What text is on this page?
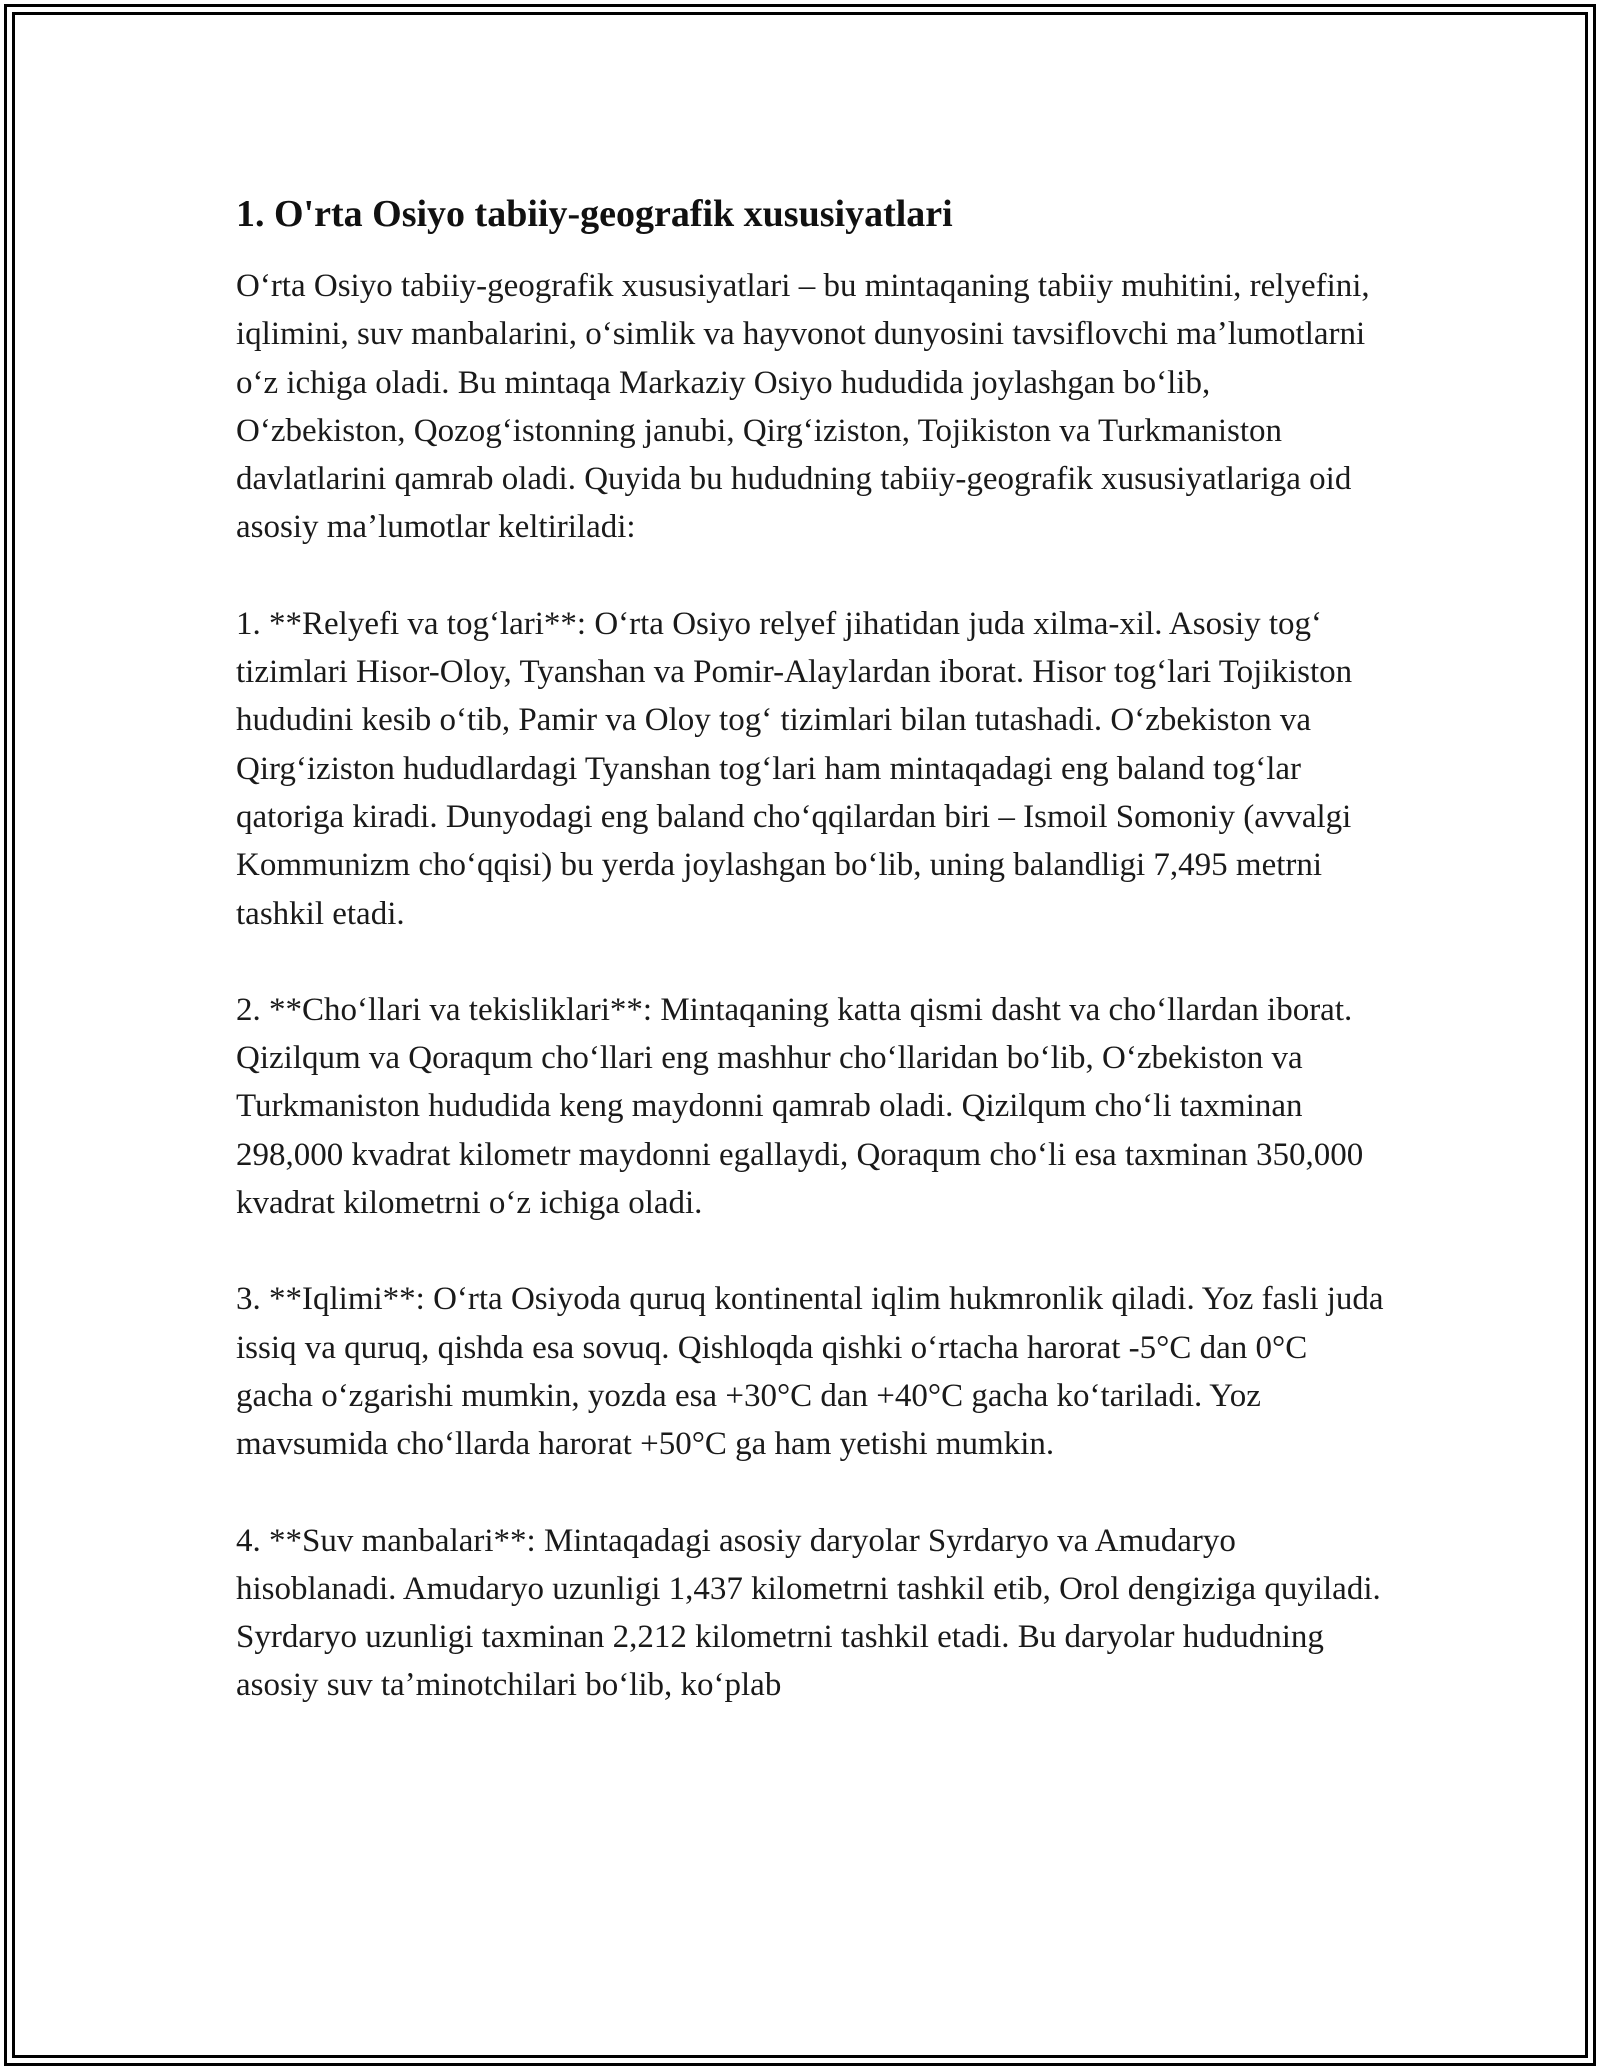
1. O'rta Osiyo tabiiy-geografik xususiyatlari

Oʻrta Osiyo tabiiy-geografik xususiyatlari – bu mintaqaning tabiiy muhitini, relyefini, iqlimini, suv manbalarini, oʻsimlik va hayvonot dunyosini tavsiflovchi maʼlumotlarni oʻz ichiga oladi. Bu mintaqa Markaziy Osiyo hududida joylashgan boʻlib, Oʻzbekiston, Qozogʻistonning janubi, Qirgʻiziston, Tojikiston va Turkmaniston davlatlarini qamrab oladi. Quyida bu hududning tabiiy-geografik xususiyatlariga oid asosiy maʼlumotlar keltiriladi:

1. **Relyefi va togʻlari**: Oʻrta Osiyo relyef jihatidan juda xilma-xil. Asosiy togʻ tizimlari Hisor-Oloy, Tyanshan va Pomir-Alaylardan iborat. Hisor togʻlari Tojikiston hududini kesib oʻtib, Pamir va Oloy togʻ tizimlari bilan tutashadi. Oʻzbekiston va Qirgʻiziston hududlardagi Tyanshan togʻlari ham mintaqadagi eng baland togʻlar qatoriga kiradi. Dunyodagi eng baland choʻqqilardan biri – Ismoil Somoniy (avvalgi Kommunizm choʻqqisi) bu yerda joylashgan boʻlib, uning balandligi 7,495 metrni tashkil etadi.

2. **Choʻllari va tekisliklari**: Mintaqaning katta qismi dasht va choʻllardan iborat. Qizilqum va Qoraqum choʻllari eng mashhur choʻllaridan boʻlib, Oʻzbekiston va Turkmaniston hududida keng maydonni qamrab oladi. Qizilqum choʻli taxminan 298,000 kvadrat kilometr maydonni egallaydi, Qoraqum choʻli esa taxminan 350,000 kvadrat kilometrni oʻz ichiga oladi.

3. **Iqlimi**: Oʻrta Osiyoda quruq kontinental iqlim hukmronlik qiladi. Yoz fasli juda issiq va quruq, qishda esa sovuq. Qishloqda qishki oʻrtacha harorat -5°C dan 0°C gacha oʻzgarishi mumkin, yozda esa +30°C dan +40°C gacha koʻtariladi. Yoz mavsumida choʻllarda harorat +50°C ga ham yetishi mumkin.

4. **Suv manbalari**: Mintaqadagi asosiy daryolar Syrdaryo va Amudaryo hisoblanadi. Amudaryo uzunligi 1,437 kilometrni tashkil etib, Orol dengiziga quyiladi. Syrdaryo uzunligi taxminan 2,212 kilometrni tashkil etadi. Bu daryolar hududning asosiy suv taʼminotchilari boʻlib, koʻplab
